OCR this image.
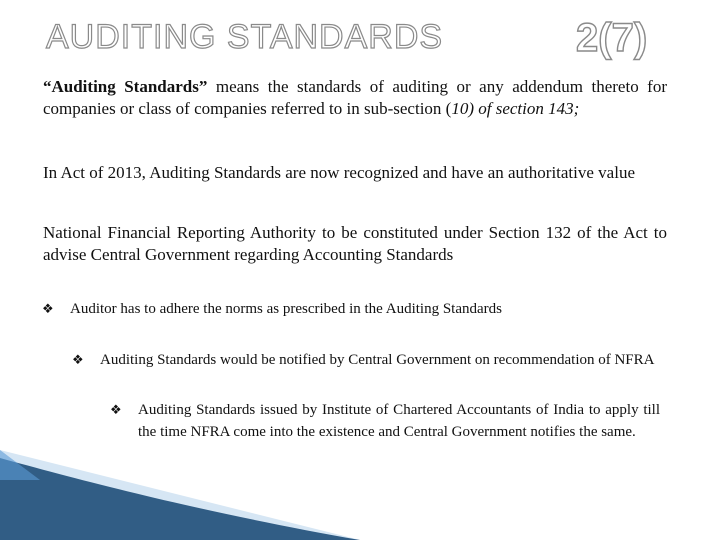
AUDITING STANDARDS	2(7)
“Auditing Standards” means the standards of auditing or any addendum thereto for companies or class of companies referred to in sub-section (10) of section 143;
In Act of 2013, Auditing Standards are now recognized and have an authoritative value
National Financial Reporting Authority to be constituted under Section 132 of the Act to advise Central Government regarding Accounting Standards
❖ Auditor has to adhere the norms as prescribed in the Auditing Standards
❖ Auditing Standards would be notified by Central Government on recommendation of NFRA
❖ Auditing Standards issued by Institute of Chartered Accountants of India to apply till the time NFRA come into the existence and Central Government notifies the same.
